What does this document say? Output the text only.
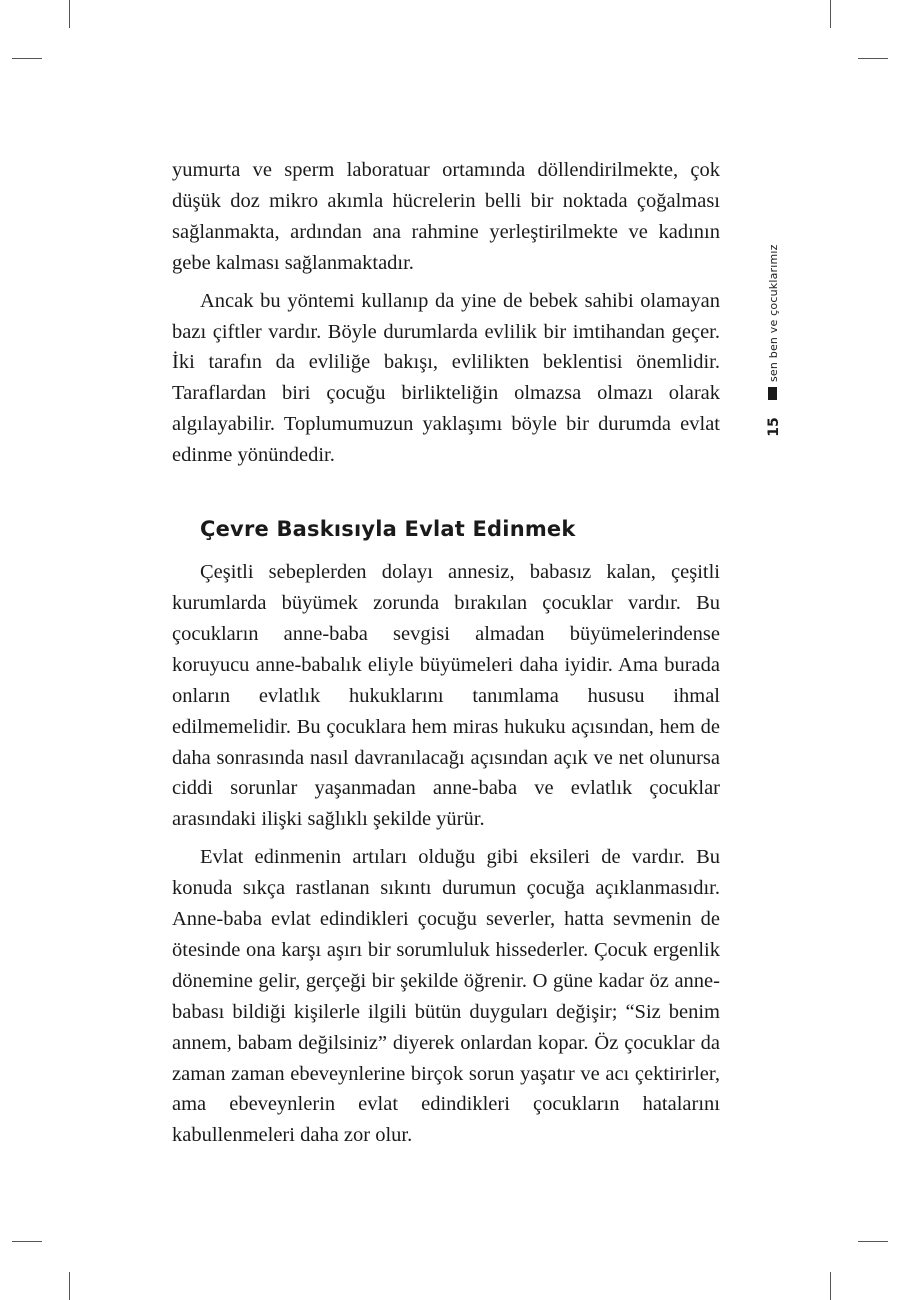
yumurta ve sperm laboratuar ortamında döllendirilmekte, çok düşük doz mikro akımla hücrelerin belli bir noktada çoğalması sağlanmakta, ardından ana rahmine yerleştirilmekte ve kadının gebe kalması sağlanmaktadır.

Ancak bu yöntemi kullanıp da yine de bebek sahibi olamayan bazı çiftler vardır. Böyle durumlarda evlilik bir imtihandan geçer. İki tarafın da evliliğe bakışı, evlilikten beklentisi önemlidir. Taraflardan biri çocuğu birlikteliğin olmazsa olmazı olarak algılayabilir. Toplumumuzun yaklaşımı böyle bir durumda evlat edinme yönündedir.

Çevre Baskısıyla Evlat Edinmek

Çeşitli sebeplerden dolayı annesiz, babasız kalan, çeşitli kurumlarda büyümek zorunda bırakılan çocuklar vardır. Bu çocukların anne-baba sevgisi almadan büyümelerindense koruyucu anne-babalık eliyle büyümeleri daha iyidir. Ama burada onların evlatlık hukuklarını tanımlama hususu ihmal edilmemelidir. Bu çocuklara hem miras hukuku açısından, hem de daha sonrasında nasıl davranılacağı açısından açık ve net olunursa ciddi sorunlar yaşanmadan anne-baba ve evlatlık çocuklar arasındaki ilişki sağlıklı şekilde yürür.

Evlat edinmenin artıları olduğu gibi eksileri de vardır. Bu konuda sıkça rastlanan sıkıntı durumun çocuğa açıklanmasıdır. Anne-baba evlat edindikleri çocuğu severler, hatta sevmenin de ötesinde ona karşı aşırı bir sorumluluk hissederler. Çocuk ergenlik dönemine gelir, gerçeği bir şekilde öğrenir. O güne kadar öz anne-babası bildiği kişilerle ilgili bütün duyguları değişir; “Siz benim annem, babam değilsiniz” diyerek onlardan kopar. Öz çocuklar da zaman zaman ebeveynlerine birçok sorun yaşatır ve acı çektirirler, ama ebeveynlerin evlat edindikleri çocukların hatalarını kabullenmeleri daha zor olur.

sen ben ve çocuklarımız
15
